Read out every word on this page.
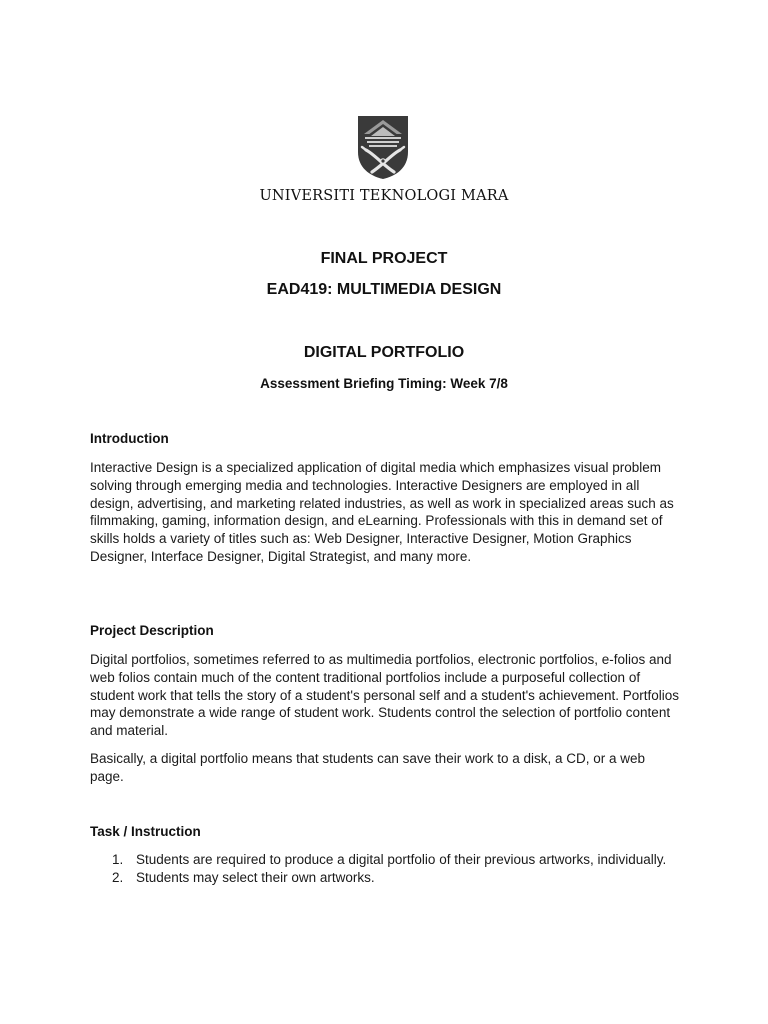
UNIVERSITI TEKNOLOGI MARA
FINAL PROJECT
EAD419: MULTIMEDIA DESIGN
DIGITAL PORTFOLIO
Assessment Briefing Timing: Week 7/8
Introduction

Interactive Design is a specialized application of digital media which emphasizes visual problem solving through emerging media and technologies. Interactive Designers are employed in all design, advertising, and marketing related industries, as well as work in specialized areas such as filmmaking, gaming, information design, and eLearning. Professionals with this in demand set of skills holds a variety of titles such as: Web Designer, Interactive Designer, Motion Graphics Designer, Interface Designer, Digital Strategist, and many more.

Project Description

Digital portfolios, sometimes referred to as multimedia portfolios, electronic portfolios, e-folios and web folios contain much of the content traditional portfolios include a purposeful collection of student work that tells the story of a student's personal self and a student's achievement. Portfolios may demonstrate a wide range of student work. Students control the selection of portfolio content and material.

Basically, a digital portfolio means that students can save their work to a disk, a CD, or a web page.

Task / Instruction
1. Students are required to produce a digital portfolio of their previous artworks, individually.
2. Students may select their own artworks.
